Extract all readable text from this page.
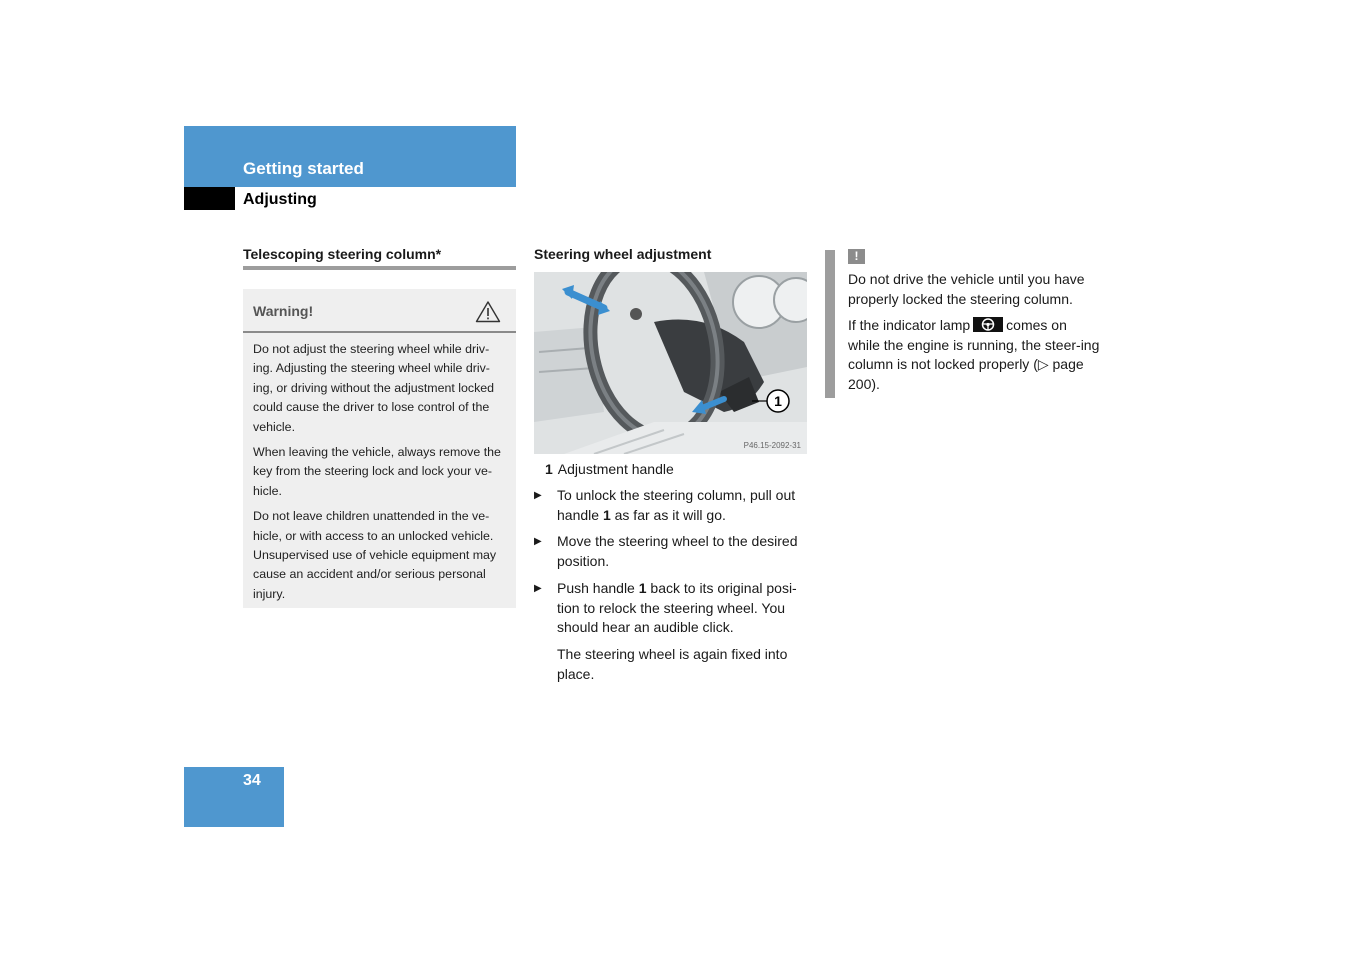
Getting started
Adjusting
Telescoping steering column*
Warning!

Do not adjust the steering wheel while driv-ing. Adjusting the steering wheel while driv-ing, or driving without the adjustment locked could cause the driver to lose control of the vehicle.

When leaving the vehicle, always remove the key from the steering lock and lock your ve-hicle.

Do not leave children unattended in the ve-hicle, or with access to an unlocked vehicle. Unsupervised use of vehicle equipment may cause an accident and/or serious personal injury.

Steering wheel adjustment
1
P46.15-2092-31
1 Adjustment handle
▶ To unlock the steering column, pull out handle 1 as far as it will go.
▶ Move the steering wheel to the desired position.
▶ Push handle 1 back to its original posi-tion to relock the steering wheel. You should hear an audible click.
The steering wheel is again fixed into place.
!

Do not drive the vehicle until you have properly locked the steering column.

If the indicator lamp	comes on while the engine is running, the steer-ing column is not locked properly (▷ page 200).

34
